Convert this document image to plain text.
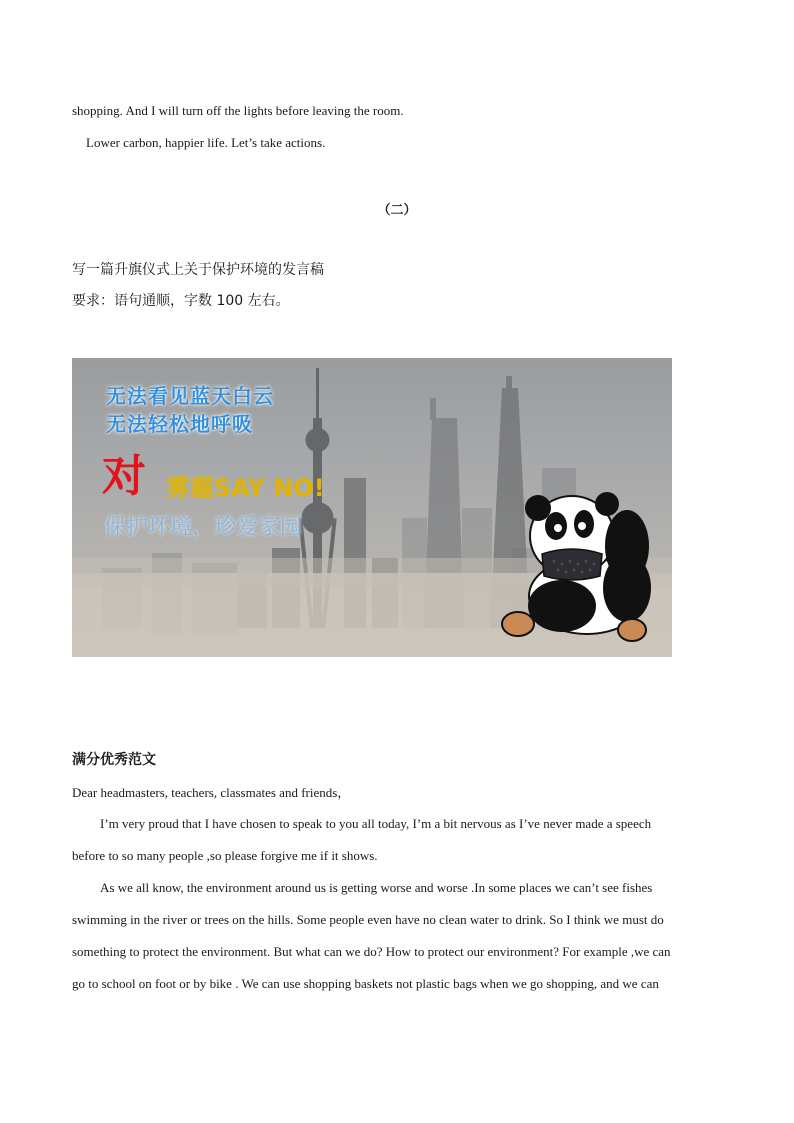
shopping. And I will turn off the lights before leaving the room.
Lower carbon, happier life. Let’s take actions.
（二）
写一篇升旗仪式上关于保护环境的发言稿
要求：语句通顺，字数 100 左右。
无法看见蓝天白云
无法轻松地呼吸
对 雾霾SAY NO!
保护环境，珍爱家园
满分优秀范文
Dear headmasters, teachers, classmates and friends，
I’m very proud that I have chosen to speak to you all today, I’m a bit nervous as I’ve never made a speech
before to so many people ,so please forgive me if it shows.
As we all know, the environment around us is getting worse and worse .In some places we can’t see fishes
swimming in the river or trees on the hills. Some people even have no clean water to drink. So I think we must do
something to protect the environment. But what can we do? How to protect our environment? For example ,we can
go to school on foot or by bike . We can use shopping baskets not plastic bags when we go shopping, and we can
